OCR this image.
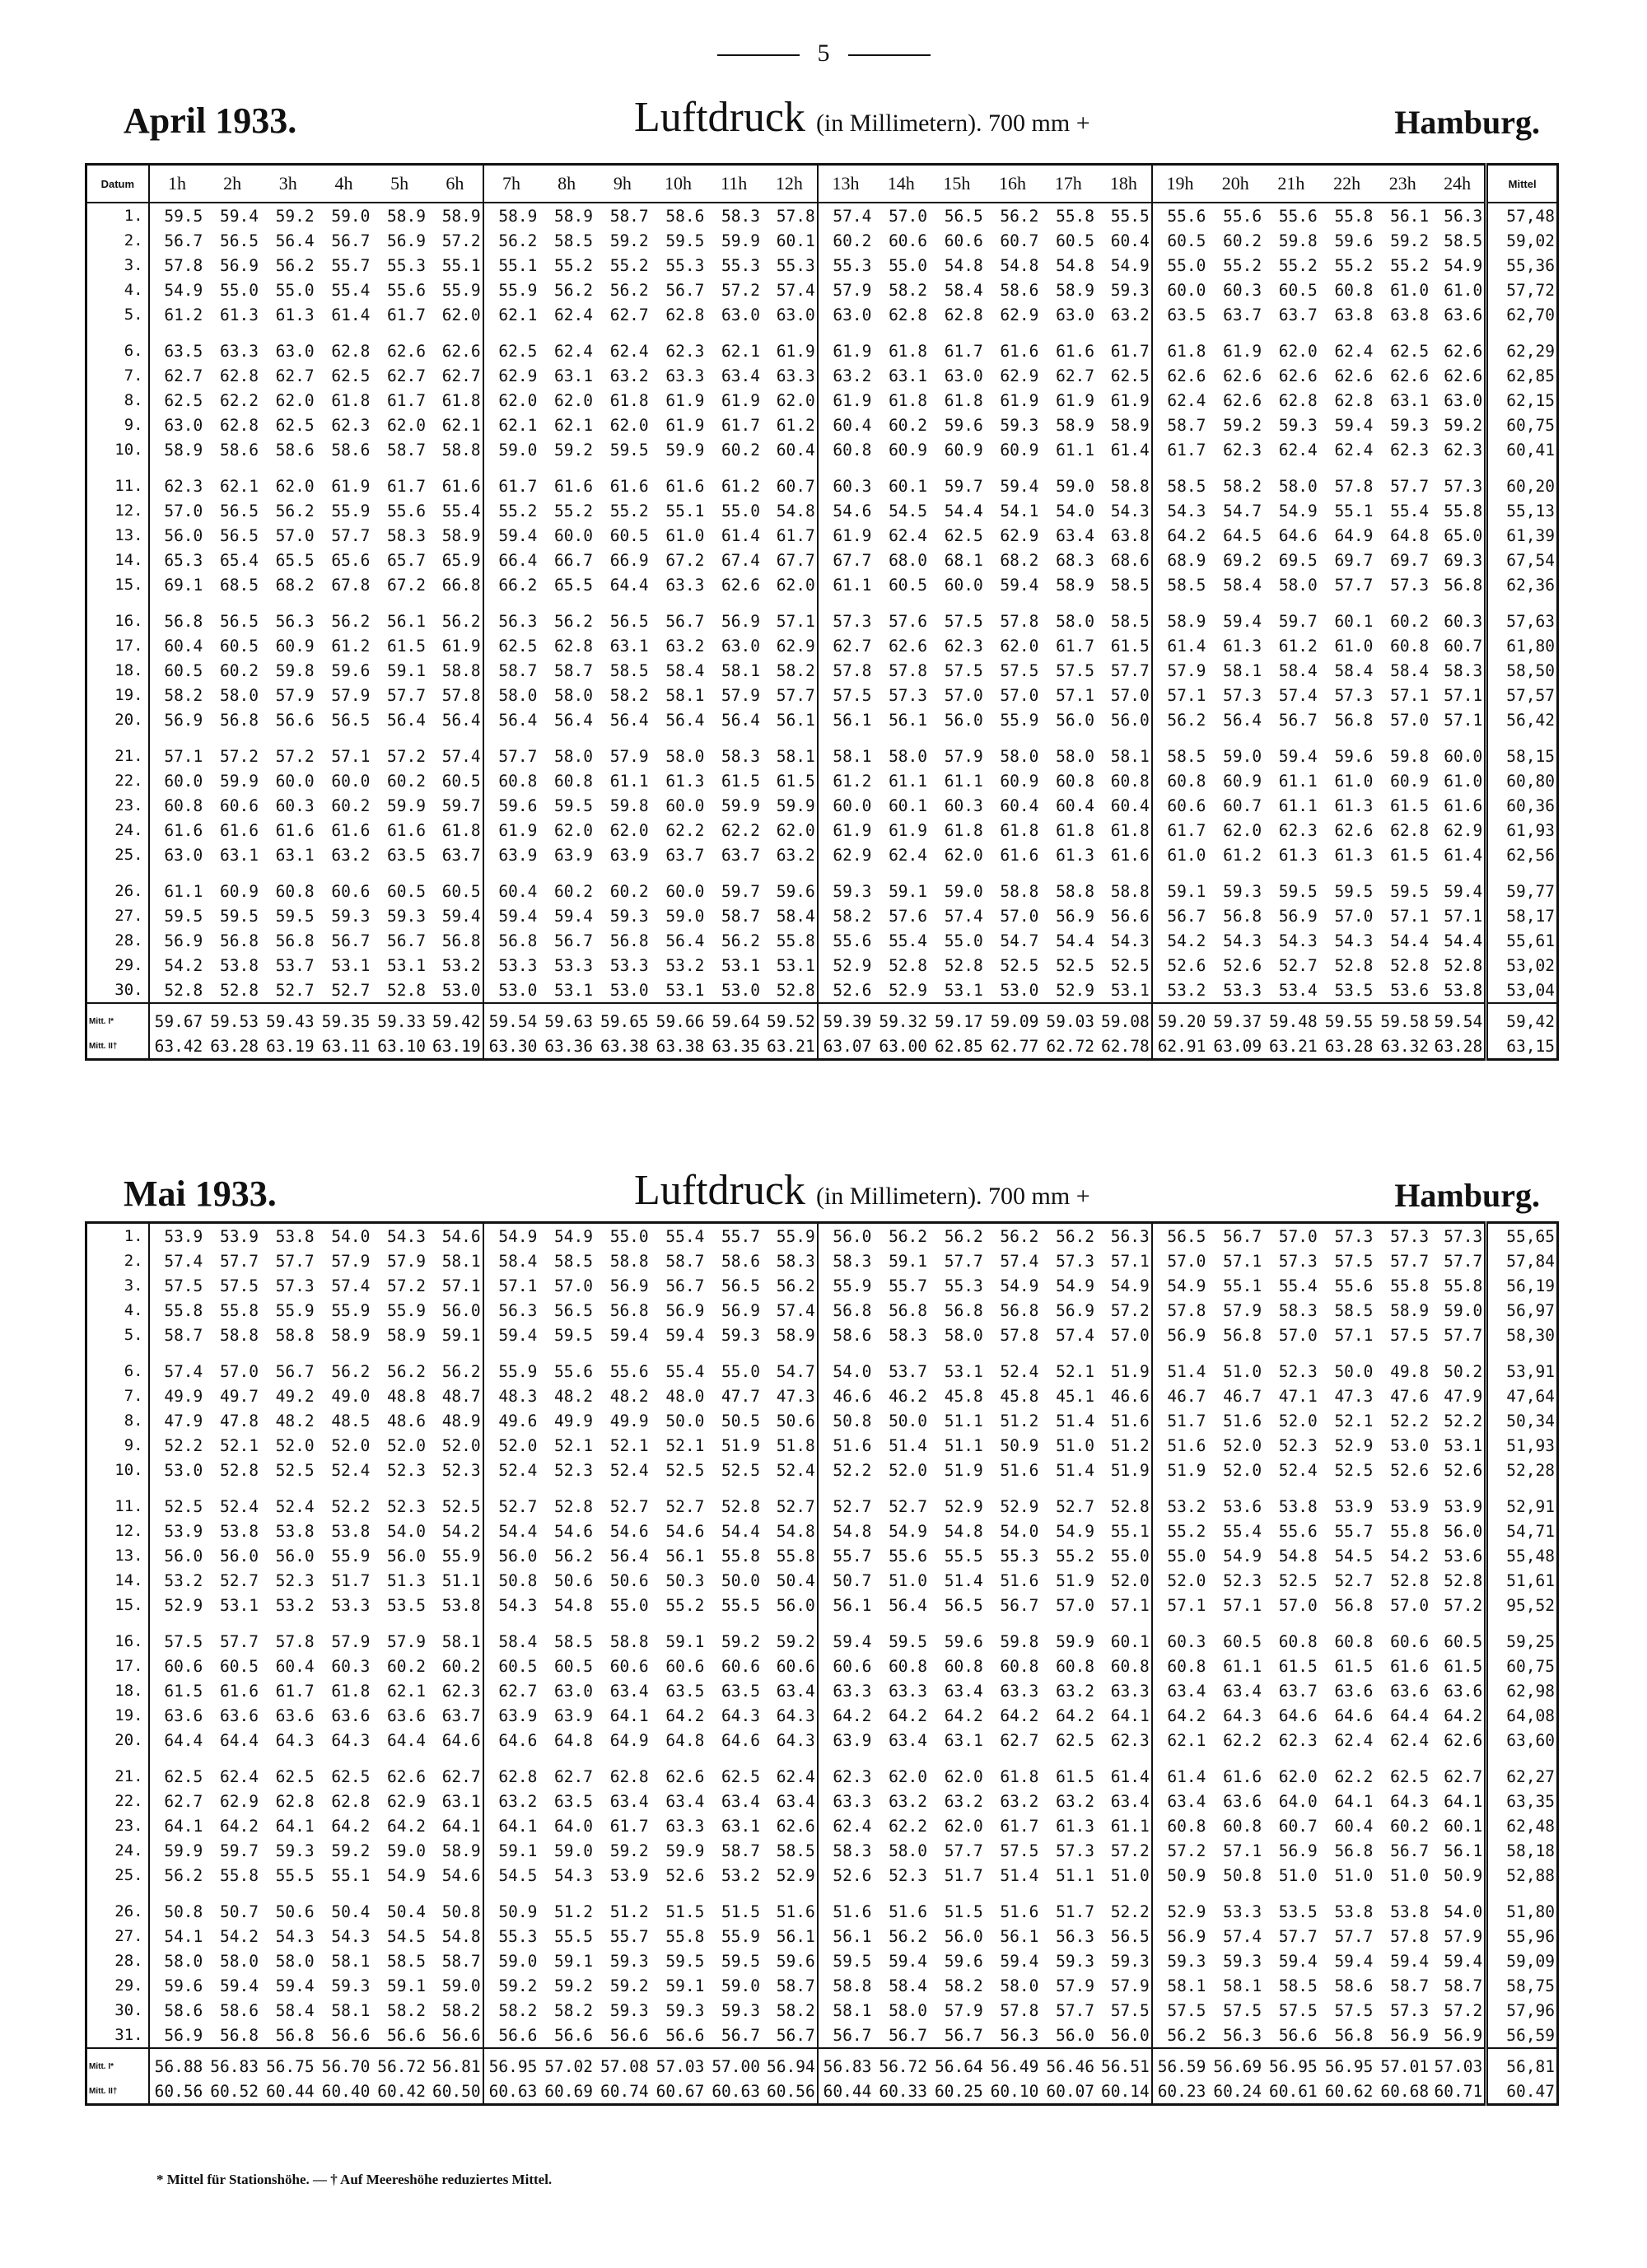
5
April 1933.	Luftdruck (in Millimetern). 700 mm +	Hamburg.
Datum	1h	2h	3h	4h	5h	6h	7h	8h	9h	10h	11h	12h	13h	14h	15h	16h	17h	18h	19h	20h	21h	22h	23h	24h	Mittel
1.	59.5	59.4	59.2	59.0	58.9	58.9	58.9	58.9	58.7	58.6	58.3	57.8	57.4	57.0	56.5	56.2	55.8	55.5	55.6	55.6	55.6	55.8	56.1	56.3	57,48
2.	56.7	56.5	56.4	56.7	56.9	57.2	56.2	58.5	59.2	59.5	59.9	60.1	60.2	60.6	60.6	60.7	60.5	60.4	60.5	60.2	59.8	59.6	59.2	58.5	59,02
3.	57.8	56.9	56.2	55.7	55.3	55.1	55.1	55.2	55.2	55.3	55.3	55.3	55.3	55.0	54.8	54.8	54.8	54.9	55.0	55.2	55.2	55.2	55.2	54.9	55,36
4.	54.9	55.0	55.0	55.4	55.6	55.9	55.9	56.2	56.2	56.7	57.2	57.4	57.9	58.2	58.4	58.6	58.9	59.3	60.0	60.3	60.5	60.8	61.0	61.0	57,72
5.	61.2	61.3	61.3	61.4	61.7	62.0	62.1	62.4	62.7	62.8	63.0	63.0	63.0	62.8	62.8	62.9	63.0	63.2	63.5	63.7	63.7	63.8	63.8	63.6	62,70
6.	63.5	63.3	63.0	62.8	62.6	62.6	62.5	62.4	62.4	62.3	62.1	61.9	61.9	61.8	61.7	61.6	61.6	61.7	61.8	61.9	62.0	62.4	62.5	62.6	62,29
7.	62.7	62.8	62.7	62.5	62.7	62.7	62.9	63.1	63.2	63.3	63.4	63.3	63.2	63.1	63.0	62.9	62.7	62.5	62.6	62.6	62.6	62.6	62.6	62.6	62,85
8.	62.5	62.2	62.0	61.8	61.7	61.8	62.0	62.0	61.8	61.9	61.9	62.0	61.9	61.8	61.8	61.9	61.9	61.9	62.4	62.6	62.8	62.8	63.1	63.0	62,15
9.	63.0	62.8	62.5	62.3	62.0	62.1	62.1	62.1	62.0	61.9	61.7	61.2	60.4	60.2	59.6	59.3	58.9	58.9	58.7	59.2	59.3	59.4	59.3	59.2	60,75
10.	58.9	58.6	58.6	58.6	58.7	58.8	59.0	59.2	59.5	59.9	60.2	60.4	60.8	60.9	60.9	60.9	61.1	61.4	61.7	62.3	62.4	62.4	62.3	62.3	60,41
11.	62.3	62.1	62.0	61.9	61.7	61.6	61.7	61.6	61.6	61.6	61.2	60.7	60.3	60.1	59.7	59.4	59.0	58.8	58.5	58.2	58.0	57.8	57.7	57.3	60,20
12.	57.0	56.5	56.2	55.9	55.6	55.4	55.2	55.2	55.2	55.1	55.0	54.8	54.6	54.5	54.4	54.1	54.0	54.3	54.3	54.7	54.9	55.1	55.4	55.8	55,13
13.	56.0	56.5	57.0	57.7	58.3	58.9	59.4	60.0	60.5	61.0	61.4	61.7	61.9	62.4	62.5	62.9	63.4	63.8	64.2	64.5	64.6	64.9	64.8	65.0	61,39
14.	65.3	65.4	65.5	65.6	65.7	65.9	66.4	66.7	66.9	67.2	67.4	67.7	67.7	68.0	68.1	68.2	68.3	68.6	68.9	69.2	69.5	69.7	69.7	69.3	67,54
15.	69.1	68.5	68.2	67.8	67.2	66.8	66.2	65.5	64.4	63.3	62.6	62.0	61.1	60.5	60.0	59.4	58.9	58.5	58.5	58.4	58.0	57.7	57.3	56.8	62,36
16.	56.8	56.5	56.3	56.2	56.1	56.2	56.3	56.2	56.5	56.7	56.9	57.1	57.3	57.6	57.5	57.8	58.0	58.5	58.9	59.4	59.7	60.1	60.2	60.3	57,63
17.	60.4	60.5	60.9	61.2	61.5	61.9	62.5	62.8	63.1	63.2	63.0	62.9	62.7	62.6	62.3	62.0	61.7	61.5	61.4	61.3	61.2	61.0	60.8	60.7	61,80
18.	60.5	60.2	59.8	59.6	59.1	58.8	58.7	58.7	58.5	58.4	58.1	58.2	57.8	57.8	57.5	57.5	57.5	57.7	57.9	58.1	58.4	58.4	58.4	58.3	58,50
19.	58.2	58.0	57.9	57.9	57.7	57.8	58.0	58.0	58.2	58.1	57.9	57.7	57.5	57.3	57.0	57.0	57.1	57.0	57.1	57.3	57.4	57.3	57.1	57.1	57,57
20.	56.9	56.8	56.6	56.5	56.4	56.4	56.4	56.4	56.4	56.4	56.4	56.1	56.1	56.1	56.0	55.9	56.0	56.0	56.2	56.4	56.7	56.8	57.0	57.1	56,42
21.	57.1	57.2	57.2	57.1	57.2	57.4	57.7	58.0	57.9	58.0	58.3	58.1	58.1	58.0	57.9	58.0	58.0	58.1	58.5	59.0	59.4	59.6	59.8	60.0	58,15
22.	60.0	59.9	60.0	60.0	60.2	60.5	60.8	60.8	61.1	61.3	61.5	61.5	61.2	61.1	61.1	60.9	60.8	60.8	60.8	60.9	61.1	61.0	60.9	61.0	60,80
23.	60.8	60.6	60.3	60.2	59.9	59.7	59.6	59.5	59.8	60.0	59.9	59.9	60.0	60.1	60.3	60.4	60.4	60.4	60.6	60.7	61.1	61.3	61.5	61.6	60,36
24.	61.6	61.6	61.6	61.6	61.6	61.8	61.9	62.0	62.0	62.2	62.2	62.0	61.9	61.9	61.8	61.8	61.8	61.8	61.7	62.0	62.3	62.6	62.8	62.9	61,93
25.	63.0	63.1	63.1	63.2	63.5	63.7	63.9	63.9	63.9	63.7	63.7	63.2	62.9	62.4	62.0	61.6	61.3	61.6	61.0	61.2	61.3	61.3	61.5	61.4	62,56
26.	61.1	60.9	60.8	60.6	60.5	60.5	60.4	60.2	60.2	60.0	59.7	59.6	59.3	59.1	59.0	58.8	58.8	58.8	59.1	59.3	59.5	59.5	59.5	59.4	59,77
27.	59.5	59.5	59.5	59.3	59.3	59.4	59.4	59.4	59.3	59.0	58.7	58.4	58.2	57.6	57.4	57.0	56.9	56.6	56.7	56.8	56.9	57.0	57.1	57.1	58,17
28.	56.9	56.8	56.8	56.7	56.7	56.8	56.8	56.7	56.8	56.4	56.2	55.8	55.6	55.4	55.0	54.7	54.4	54.3	54.2	54.3	54.3	54.3	54.4	54.4	55,61
29.	54.2	53.8	53.7	53.1	53.1	53.2	53.3	53.3	53.3	53.2	53.1	53.1	52.9	52.8	52.8	52.5	52.5	52.5	52.6	52.6	52.7	52.8	52.8	52.8	53,02
30.	52.8	52.8	52.7	52.7	52.8	53.0	53.0	53.1	53.0	53.1	53.0	52.8	52.6	52.9	53.1	53.0	52.9	53.1	53.2	53.3	53.4	53.5	53.6	53.8	53,04
Mitt. I*	59.67	59.53	59.43	59.35	59.33	59.42	59.54	59.63	59.65	59.66	59.64	59.52	59.39	59.32	59.17	59.09	59.03	59.08	59.20	59.37	59.48	59.55	59.58	59.54	59,42
Mitt. II†	63.42	63.28	63.19	63.11	63.10	63.19	63.30	63.36	63.38	63.38	63.35	63.21	63.07	63.00	62.85	62.77	62.72	62.78	62.91	63.09	63.21	63.28	63.32	63.28	63,15
Mai 1933.	Luftdruck (in Millimetern). 700 mm +	Hamburg.
1.	53.9	53.9	53.8	54.0	54.3	54.6	54.9	54.9	55.0	55.4	55.7	55.9	56.0	56.2	56.2	56.2	56.2	56.3	56.5	56.7	57.0	57.3	57.3	57.3	55,65
2.	57.4	57.7	57.7	57.9	57.9	58.1	58.4	58.5	58.8	58.7	58.6	58.3	58.3	59.1	57.7	57.4	57.3	57.1	57.0	57.1	57.3	57.5	57.7	57.7	57,84
3.	57.5	57.5	57.3	57.4	57.2	57.1	57.1	57.0	56.9	56.7	56.5	56.2	55.9	55.7	55.3	54.9	54.9	54.9	54.9	55.1	55.4	55.6	55.8	55.8	56,19
4.	55.8	55.8	55.9	55.9	55.9	56.0	56.3	56.5	56.8	56.9	56.9	57.4	56.8	56.8	56.8	56.8	56.9	57.2	57.8	57.9	58.3	58.5	58.9	59.0	56,97
5.	58.7	58.8	58.8	58.9	58.9	59.1	59.4	59.5	59.4	59.4	59.3	58.9	58.6	58.3	58.0	57.8	57.4	57.0	56.9	56.8	57.0	57.1	57.5	57.7	58,30
6.	57.4	57.0	56.7	56.2	56.2	56.2	55.9	55.6	55.6	55.4	55.0	54.7	54.0	53.7	53.1	52.4	52.1	51.9	51.4	51.0	52.3	50.0	49.8	50.2	53,91
7.	49.9	49.7	49.2	49.0	48.8	48.7	48.3	48.2	48.2	48.0	47.7	47.3	46.6	46.2	45.8	45.8	45.1	46.6	46.7	46.7	47.1	47.3	47.6	47.9	47,64
8.	47.9	47.8	48.2	48.5	48.6	48.9	49.6	49.9	49.9	50.0	50.5	50.6	50.8	50.0	51.1	51.2	51.4	51.6	51.7	51.6	52.0	52.1	52.2	52.2	50,34
9.	52.2	52.1	52.0	52.0	52.0	52.0	52.0	52.1	52.1	52.1	51.9	51.8	51.6	51.4	51.1	50.9	51.0	51.2	51.6	52.0	52.3	52.9	53.0	53.1	51,93
10.	53.0	52.8	52.5	52.4	52.3	52.3	52.4	52.3	52.4	52.5	52.5	52.4	52.2	52.0	51.9	51.6	51.4	51.9	51.9	52.0	52.4	52.5	52.6	52.6	52,28
11.	52.5	52.4	52.4	52.2	52.3	52.5	52.7	52.8	52.7	52.7	52.8	52.7	52.7	52.7	52.9	52.9	52.7	52.8	53.2	53.6	53.8	53.9	53.9	53.9	52,91
12.	53.9	53.8	53.8	53.8	54.0	54.2	54.4	54.6	54.6	54.6	54.4	54.8	54.8	54.9	54.8	54.0	54.9	55.1	55.2	55.4	55.6	55.7	55.8	56.0	54,71
13.	56.0	56.0	56.0	55.9	56.0	55.9	56.0	56.2	56.4	56.1	55.8	55.8	55.7	55.6	55.5	55.3	55.2	55.0	55.0	54.9	54.8	54.5	54.2	53.6	55,48
14.	53.2	52.7	52.3	51.7	51.3	51.1	50.8	50.6	50.6	50.3	50.0	50.4	50.7	51.0	51.4	51.6	51.9	52.0	52.0	52.3	52.5	52.7	52.8	52.8	51,61
15.	52.9	53.1	53.2	53.3	53.5	53.8	54.3	54.8	55.0	55.2	55.5	56.0	56.1	56.4	56.5	56.7	57.0	57.1	57.1	57.1	57.0	56.8	57.0	57.2	95,52
16.	57.5	57.7	57.8	57.9	57.9	58.1	58.4	58.5	58.8	59.1	59.2	59.2	59.4	59.5	59.6	59.8	59.9	60.1	60.3	60.5	60.8	60.8	60.6	60.5	59,25
17.	60.6	60.5	60.4	60.3	60.2	60.2	60.5	60.5	60.6	60.6	60.6	60.6	60.6	60.8	60.8	60.8	60.8	60.8	60.8	61.1	61.5	61.5	61.6	61.5	60,75
18.	61.5	61.6	61.7	61.8	62.1	62.3	62.7	63.0	63.4	63.5	63.5	63.4	63.3	63.3	63.4	63.3	63.2	63.3	63.4	63.4	63.7	63.6	63.6	63.6	62,98
19.	63.6	63.6	63.6	63.6	63.6	63.7	63.9	63.9	64.1	64.2	64.3	64.3	64.2	64.2	64.2	64.2	64.2	64.1	64.2	64.3	64.6	64.6	64.4	64.2	64,08
20.	64.4	64.4	64.3	64.3	64.4	64.6	64.6	64.8	64.9	64.8	64.6	64.3	63.9	63.4	63.1	62.7	62.5	62.3	62.1	62.2	62.3	62.4	62.4	62.6	63,60
21.	62.5	62.4	62.5	62.5	62.6	62.7	62.8	62.7	62.8	62.6	62.5	62.4	62.3	62.0	62.0	61.8	61.5	61.4	61.4	61.6	62.0	62.2	62.5	62.7	62,27
22.	62.7	62.9	62.8	62.8	62.9	63.1	63.2	63.5	63.4	63.4	63.4	63.4	63.3	63.2	63.2	63.2	63.2	63.4	63.4	63.6	64.0	64.1	64.3	64.1	63,35
23.	64.1	64.2	64.1	64.2	64.2	64.1	64.1	64.0	61.7	63.3	63.1	62.6	62.4	62.2	62.0	61.7	61.3	61.1	60.8	60.8	60.7	60.4	60.2	60.1	62,48
24.	59.9	59.7	59.3	59.2	59.0	58.9	59.1	59.0	59.2	59.9	58.7	58.5	58.3	58.0	57.7	57.5	57.3	57.2	57.2	57.1	56.9	56.8	56.7	56.1	58,18
25.	56.2	55.8	55.5	55.1	54.9	54.6	54.5	54.3	53.9	52.6	53.2	52.9	52.6	52.3	51.7	51.4	51.1	51.0	50.9	50.8	51.0	51.0	51.0	50.9	52,88
26.	50.8	50.7	50.6	50.4	50.4	50.8	50.9	51.2	51.2	51.5	51.5	51.6	51.6	51.6	51.5	51.6	51.7	52.2	52.9	53.3	53.5	53.8	53.8	54.0	51,80
27.	54.1	54.2	54.3	54.3	54.5	54.8	55.3	55.5	55.7	55.8	55.9	56.1	56.1	56.2	56.0	56.1	56.3	56.5	56.9	57.4	57.7	57.7	57.8	57.9	55,96
28.	58.0	58.0	58.0	58.1	58.5	58.7	59.0	59.1	59.3	59.5	59.5	59.6	59.5	59.4	59.6	59.4	59.3	59.3	59.3	59.3	59.4	59.4	59.4	59.4	59,09
29.	59.6	59.4	59.4	59.3	59.1	59.0	59.2	59.2	59.2	59.1	59.0	58.7	58.8	58.4	58.2	58.0	57.9	57.9	58.1	58.1	58.5	58.6	58.7	58.7	58,75
30.	58.6	58.6	58.4	58.1	58.2	58.2	58.2	58.2	59.3	59.3	59.3	58.2	58.1	58.0	57.9	57.8	57.7	57.5	57.5	57.5	57.5	57.5	57.3	57.2	57,96
31.	56.9	56.8	56.8	56.6	56.6	56.6	56.6	56.6	56.6	56.6	56.7	56.7	56.7	56.7	56.7	56.3	56.0	56.0	56.2	56.3	56.6	56.8	56.9	56.9	56,59
Mitt. I*	56.88	56.83	56.75	56.70	56.72	56.81	56.95	57.02	57.08	57.03	57.00	56.94	56.83	56.72	56.64	56.49	56.46	56.51	56.59	56.69	56.95	56.95	57.01	57.03	56,81
Mitt. II†	60.56	60.52	60.44	60.40	60.42	60.50	60.63	60.69	60.74	60.67	60.63	60.56	60.44	60.33	60.25	60.10	60.07	60.14	60.23	60.24	60.61	60.62	60.68	60.71	60.47
* Mittel für Stationshöhe. — † Auf Meereshöhe reduziertes Mittel.
